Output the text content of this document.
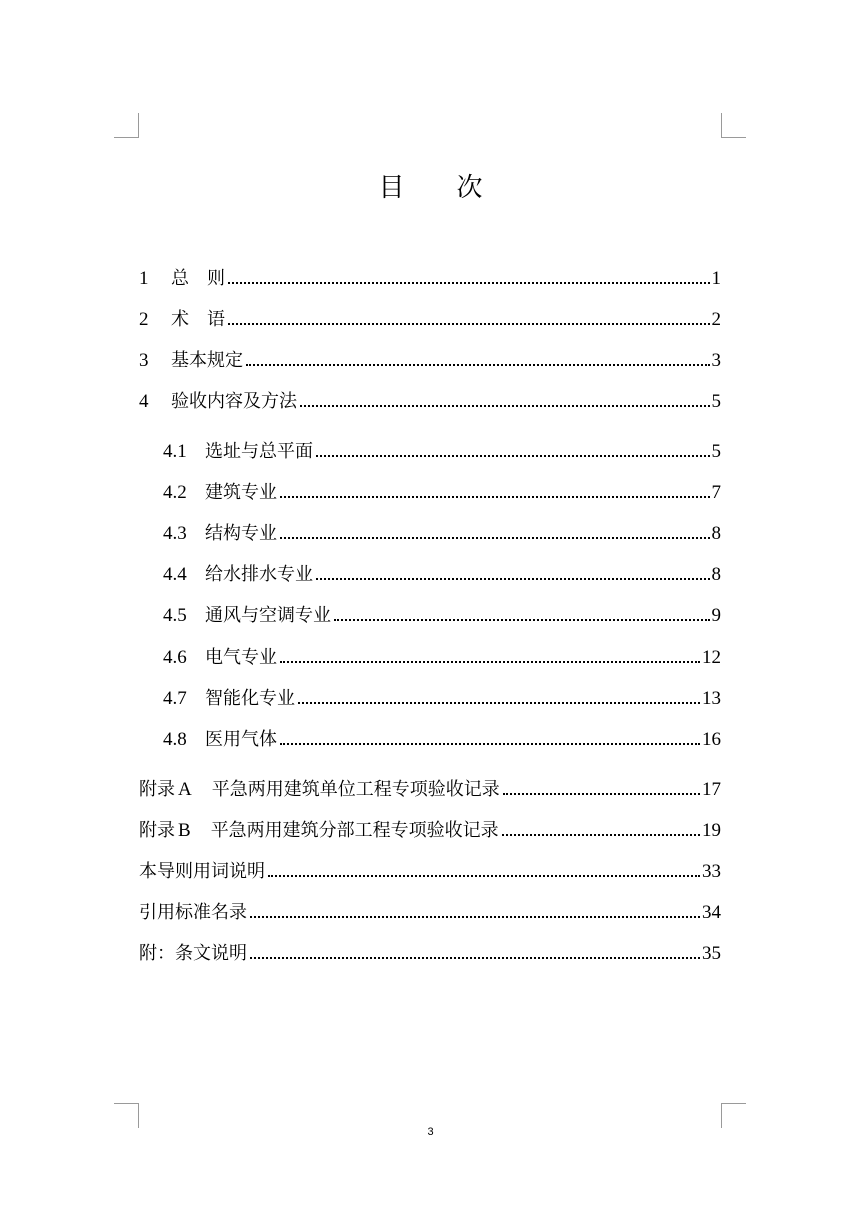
目次
1	总则	1
2	术语	2
3	基本规定	3
4	验收内容及方法	5
4.1	选址与总平面	5
4.2	建筑专业	7
4.3	结构专业	8
4.4	给水排水专业	8
4.5	通风与空调专业	9
4.6	电气专业	12
4.7	智能化专业	13
4.8	医用气体	16
附录 A 平急两用建筑单位工程专项验收记录	17
附录 B 平急两用建筑分部工程专项验收记录	19
本导则用词说明	33
引用标准名录	34
附：条文说明	35
3
